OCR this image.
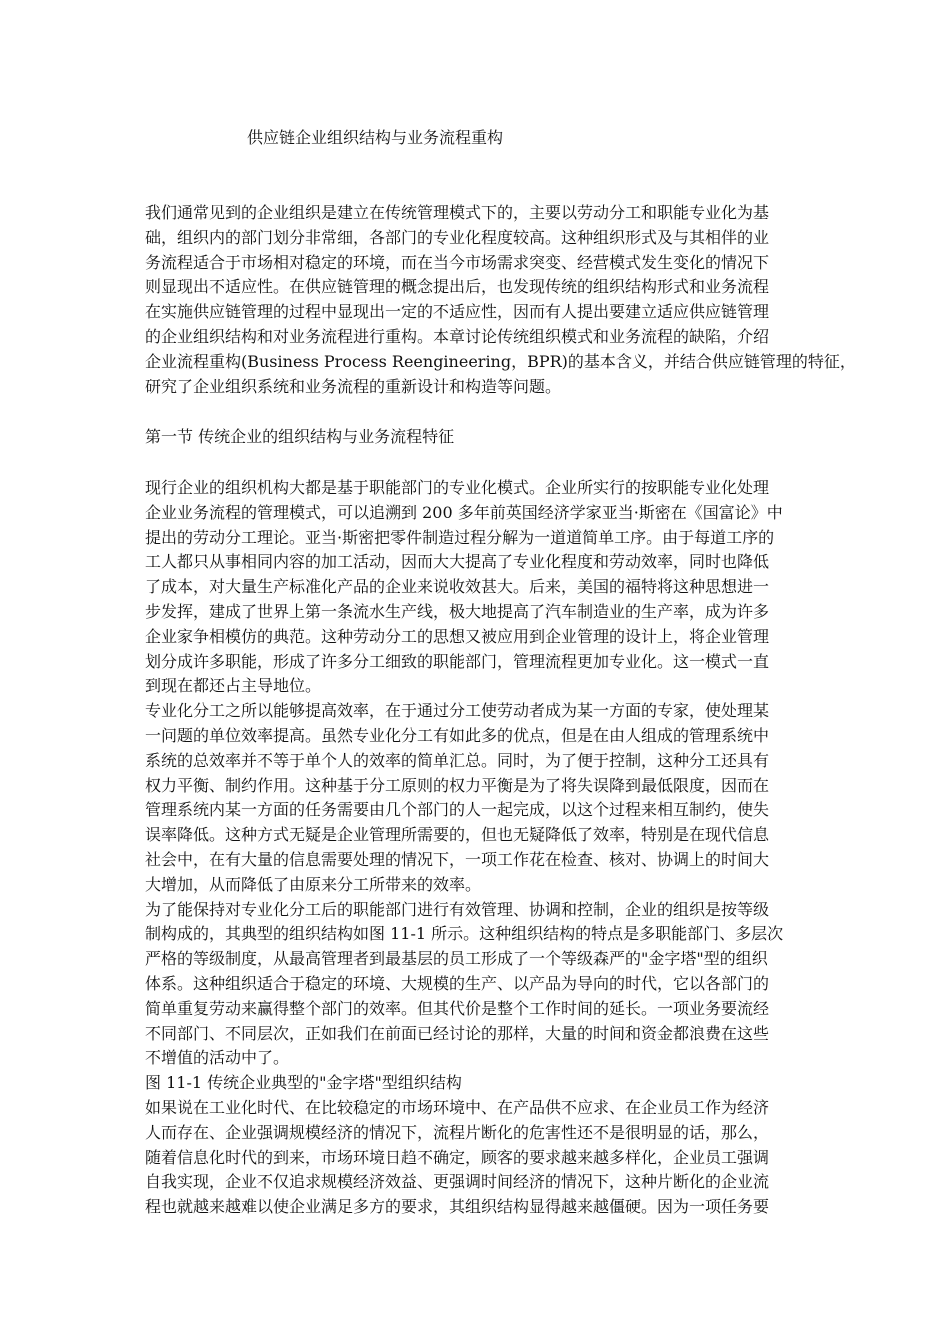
供应链企业组织结构与业务流程重构
我们通常见到的企业组织是建立在传统管理模式下的，主要以劳动分工和职能专业化为基
础，组织内的部门划分非常细，各部门的专业化程度较高。这种组织形式及与其相伴的业
务流程适合于市场相对稳定的环境，而在当今市场需求突变、经营模式发生变化的情况下
则显现出不适应性。在供应链管理的概念提出后，也发现传统的组织结构形式和业务流程
在实施供应链管理的过程中显现出一定的不适应性，因而有人提出要建立适应供应链管理
的企业组织结构和对业务流程进行重构。本章讨论传统组织模式和业务流程的缺陷，介绍
企业流程重构(Business Process Reengineering，BPR)的基本含义，并结合供应链管理的特征，
研究了企业组织系统和业务流程的重新设计和构造等问题。
第一节 传统企业的组织结构与业务流程特征
现行企业的组织机构大都是基于职能部门的专业化模式。企业所实行的按职能专业化处理
企业业务流程的管理模式，可以追溯到 200 多年前英国经济学家亚当·斯密在《国富论》中
提出的劳动分工理论。亚当·斯密把零件制造过程分解为一道道简单工序。由于每道工序的
工人都只从事相同内容的加工活动，因而大大提高了专业化程度和劳动效率，同时也降低
了成本，对大量生产标准化产品的企业来说收效甚大。后来，美国的福特将这种思想进一
步发挥，建成了世界上第一条流水生产线，极大地提高了汽车制造业的生产率，成为许多
企业家争相模仿的典范。这种劳动分工的思想又被应用到企业管理的设计上，将企业管理
划分成许多职能，形成了许多分工细致的职能部门，管理流程更加专业化。这一模式一直
到现在都还占主导地位。
专业化分工之所以能够提高效率，在于通过分工使劳动者成为某一方面的专家，使处理某
一问题的单位效率提高。虽然专业化分工有如此多的优点，但是在由人组成的管理系统中
系统的总效率并不等于单个人的效率的简单汇总。同时，为了便于控制，这种分工还具有
权力平衡、制约作用。这种基于分工原则的权力平衡是为了将失误降到最低限度，因而在
管理系统内某一方面的任务需要由几个部门的人一起完成，以这个过程来相互制约，使失
误率降低。这种方式无疑是企业管理所需要的，但也无疑降低了效率，特别是在现代信息
社会中，在有大量的信息需要处理的情况下，一项工作花在检查、核对、协调上的时间大
大增加，从而降低了由原来分工所带来的效率。
为了能保持对专业化分工后的职能部门进行有效管理、协调和控制，企业的组织是按等级
制构成的，其典型的组织结构如图 11-1 所示。这种组织结构的特点是多职能部门、多层次
严格的等级制度，从最高管理者到最基层的员工形成了一个等级森严的"金字塔"型的组织
体系。这种组织适合于稳定的环境、大规模的生产、以产品为导向的时代，它以各部门的
简单重复劳动来赢得整个部门的效率。但其代价是整个工作时间的延长。一项业务要流经
不同部门、不同层次，正如我们在前面已经讨论的那样，大量的时间和资金都浪费在这些
不增值的活动中了。
图 11-1 传统企业典型的"金字塔"型组织结构
如果说在工业化时代、在比较稳定的市场环境中、在产品供不应求、在企业员工作为经济
人而存在、企业强调规模经济的情况下，流程片断化的危害性还不是很明显的话，那么，
随着信息化时代的到来，市场环境日趋不确定，顾客的要求越来越多样化，企业员工强调
自我实现，企业不仅追求规模经济效益、更强调时间经济的情况下，这种片断化的企业流
程也就越来越难以使企业满足多方的要求，其组织结构显得越来越僵硬。因为一项任务要
